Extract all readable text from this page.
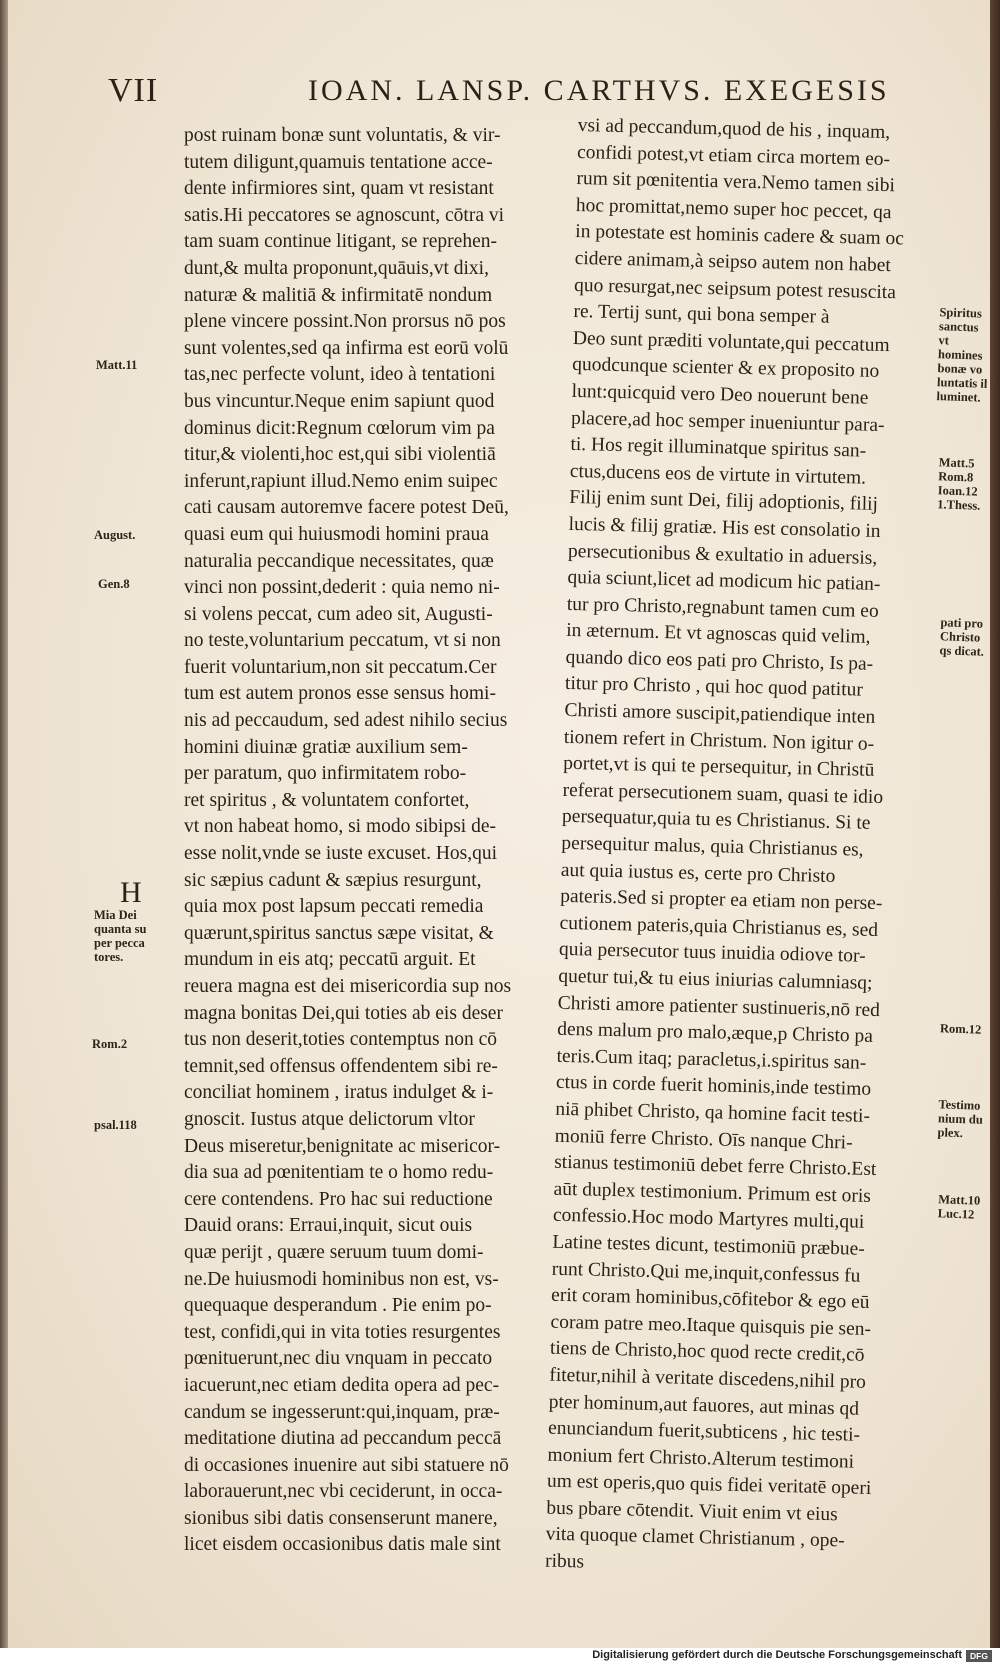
VII	IOAN. LANSP. CARTHVS. EXEGESIS
post ruinam bonæ sunt voluntatis, & vir-
tutem diligunt,quamuis tentatione acce-
dente infirmiores sint, quam vt resistant
satis.Hi peccatores se agnoscunt, cōtra vi
tam suam continue litigant, se reprehen-
dunt,& multa proponunt,quāuis,vt dixi,
naturæ & malitiā & infirmitatē nondum
plene vincere possint.Non prorsus nō pos
sunt volentes,sed qa infirma est eorū volū
tas,nec perfecte volunt, ideo à tentationi
bus vincuntur.Neque enim sapiunt quod
dominus dicit:Regnum cœlorum vim pa
titur,& violenti,hoc est,qui sibi violentiā
inferunt,rapiunt illud.Nemo enim suipec
cati causam autoremve facere potest Deū,
quasi eum qui huiusmodi homini praua
naturalia peccandique necessitates, quæ
vinci non possint,dederit : quia nemo ni-
si volens peccat, cum adeo sit, Augusti-
no teste,voluntarium peccatum, vt si non
fuerit voluntarium,non sit peccatum.Cer
tum est autem pronos esse sensus homi-
nis ad peccaudum, sed adest nihilo secius
homini diuinæ gratiæ auxilium sem-
per paratum, quo infirmitatem robo-
ret spiritus , & voluntatem confortet,
vt non habeat homo, si modo sibipsi de-
esse nolit,vnde se iuste excuset. Hos,qui
sic sæpius cadunt & sæpius resurgunt,
quia mox post lapsum peccati remedia
quærunt,spiritus sanctus sæpe visitat, &
mundum in eis atq; peccatū arguit. Et
reuera magna est dei misericordia sup nos
magna bonitas Dei,qui toties ab eis deser
tus non deserit,toties contemptus non cō
temnit,sed offensus offendentem sibi re-
conciliat hominem , iratus indulget & i-
gnoscit. Iustus atque delictorum vltor
Deus miseretur,benignitate ac misericor-
dia sua ad pœnitentiam te o homo redu-
cere contendens. Pro hac sui reductione
Dauid orans: Erraui,inquit, sicut ouis
quæ perijt , quære seruum tuum domi-
ne.De huiusmodi hominibus non est, vs-
quequaque desperandum . Pie enim po-
test, confidi,qui in vita toties resurgentes
pœnituerunt,nec diu vnquam in peccato
iacuerunt,nec etiam dedita opera ad pec-
candum se ingesserunt:qui,inquam, præ-
meditatione diutina ad peccandum peccā
di occasiones inuenire aut sibi statuere nō
laborauerunt,nec vbi ceciderunt, in occa-
sionibus sibi datis consenserunt manere,
licet eisdem occasionibus datis male sint
vsi ad peccandum,quod de his , inquam,
confidi potest,vt etiam circa mortem eo-
rum sit pœnitentia vera.Nemo tamen sibi
hoc promittat,nemo super hoc peccet, qa
in potestate est hominis cadere & suam oc
cidere animam,à seipso autem non habet
quo resurgat,nec seipsum potest resuscita
re. Tertij sunt, qui bona semper à
Deo sunt præditi voluntate,qui peccatum
quodcunque scienter & ex proposito no
lunt:quicquid vero Deo nouerunt bene
placere,ad hoc semper inueniuntur para-
ti. Hos regit illuminatque spiritus san-
ctus,ducens eos de virtute in virtutem.
Filij enim sunt Dei, filij adoptionis, filij
lucis & filij gratiæ. His est consolatio in
persecutionibus & exultatio in aduersis,
quia sciunt,licet ad modicum hic patian-
tur pro Christo,regnabunt tamen cum eo
in æternum. Et vt agnoscas quid velim,
quando dico eos pati pro Christo, Is pa-
titur pro Christo , qui hoc quod patitur
Christi amore suscipit,patiendique inten
tionem refert in Christum. Non igitur o-
portet,vt is qui te persequitur, in Christū
referat persecutionem suam, quasi te idio
persequatur,quia tu es Christianus. Si te
persequitur malus, quia Christianus es,
aut quia iustus es, certe pro Christo
pateris.Sed si propter ea etiam non perse-
cutionem pateris,quia Christianus es, sed
quia persecutor tuus inuidia odiove tor-
quetur tui,& tu eius iniurias calumniasq;
Christi amore patienter sustinueris,nō red
dens malum pro malo,æque,p Christo pa
teris.Cum itaq; paracletus,i.spiritus san-
ctus in corde fuerit hominis,inde testimo
niā phibet Christo, qa homine facit testi-
moniū ferre Christo. Oīs nanque Chri-
stianus testimoniū debet ferre Christo.Est
aūt duplex testimonium. Primum est oris
confessio.Hoc modo Martyres multi,qui
Latine testes dicunt, testimoniū præbue-
runt Christo.Qui me,inquit,confessus fu
erit coram hominibus,cōfitebor & ego eū
coram patre meo.Itaque quisquis pie sen-
tiens de Christo,hoc quod recte credit,cō
fitetur,nihil à veritate discedens,nihil pro
pter hominum,aut fauores, aut minas qd
enunciandum fuerit,subticens , hic testi-
monium fert Christo.Alterum testimoni
um est operis,quo quis fidei veritatē operi
bus pbare cōtendit. Viuit enim vt eius
vita quoque clamet Christianum , ope-
ribus
Matt.11
August.
Gen.8
H
Mia Dei
quanta su
per pecca
tores.
Rom.2
psal.118
Spiritus
sanctus vt
homines
bonæ vo
luntatis il
luminet.
Matt.5
Rom.8
Ioan.12
1.Thess.
pati pro
Christo
qs dicat.
Rom.12
Testimo
nium du
plex.
Matt.10
Luc.12
Digitalisierung gefördert durch die Deutsche Forschungsgemeinschaft DFG
